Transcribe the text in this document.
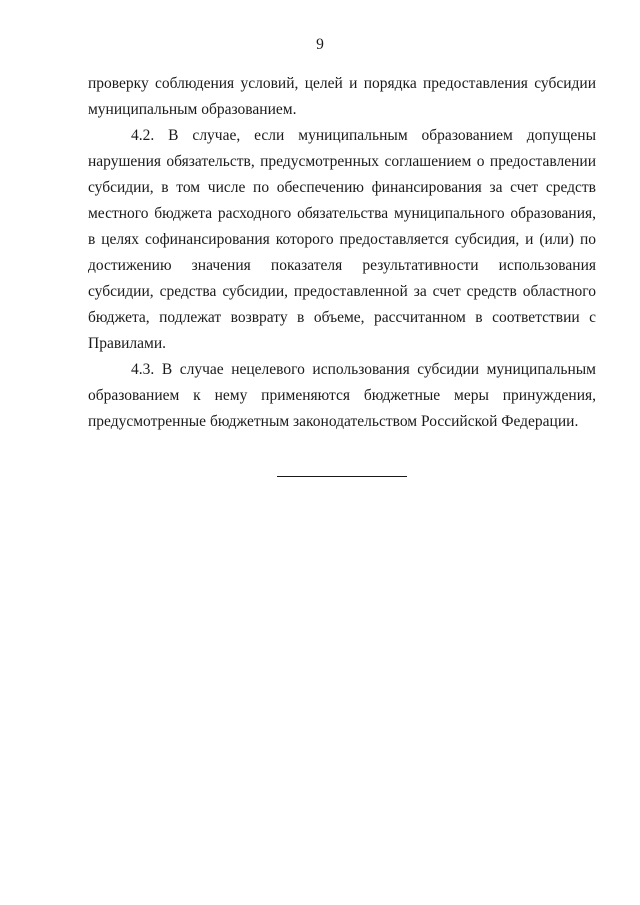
9

проверку соблюдения условий, целей и порядка предоставления субсидии муниципальным образованием.

4.2. В случае, если муниципальным образованием допущены нарушения обязательств, предусмотренных соглашением о предоставлении субсидии, в том числе по обеспечению финансирования за счет средств местного бюджета расходного обязательства муниципального образования, в целях софинансирования которого предоставляется субсидия, и (или) по достижению значения показателя результативности использования субсидии, средства субсидии, предоставленной за счет средств областного бюджета, подлежат возврату в объеме, рассчитанном в соответствии с Правилами.

4.3. В случае нецелевого использования субсидии муниципальным образованием к нему применяются бюджетные меры принуждения, предусмотренные бюджетным законодательством Российской Федерации.
